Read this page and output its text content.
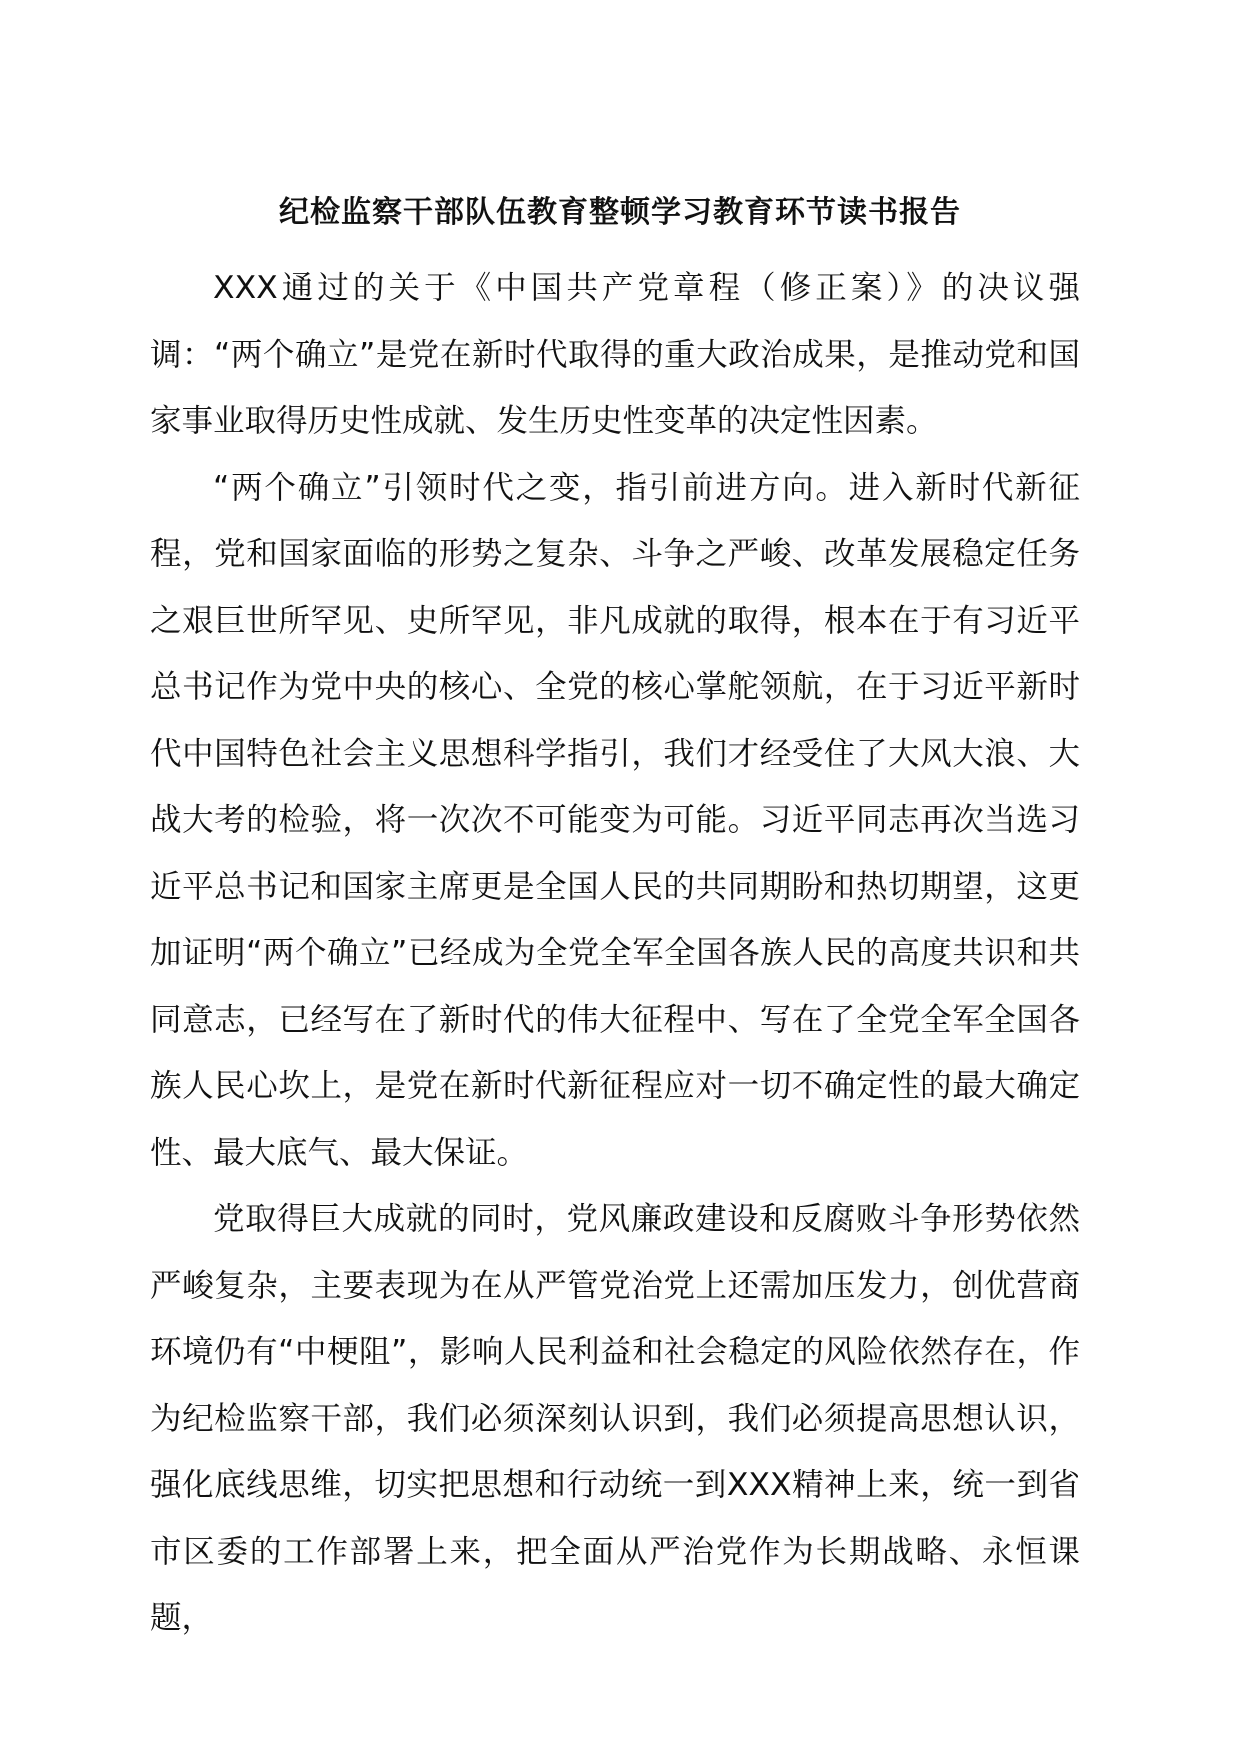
纪检监察干部队伍教育整顿学习教育环节读书报告

XXX通过的关于《中国共产党章程（修正案）》的决议强调：“两个确立”是党在新时代取得的重大政治成果，是推动党和国家事业取得历史性成就、发生历史性变革的决定性因素。

“两个确立”引领时代之变，指引前进方向。进入新时代新征程，党和国家面临的形势之复杂、斗争之严峻、改革发展稳定任务之艰巨世所罕见、史所罕见，非凡成就的取得，根本在于有习近平总书记作为党中央的核心、全党的核心掌舵领航，在于习近平新时代中国特色社会主义思想科学指引，我们才经受住了大风大浪、大战大考的检验，将一次次不可能变为可能。习近平同志再次当选习近平总书记和国家主席更是全国人民的共同期盼和热切期望，这更加证明“两个确立”已经成为全党全军全国各族人民的高度共识和共同意志，已经写在了新时代的伟大征程中、写在了全党全军全国各族人民心坎上，是党在新时代新征程应对一切不确定性的最大确定性、最大底气、最大保证。

党取得巨大成就的同时，党风廉政建设和反腐败斗争形势依然严峻复杂，主要表现为在从严管党治党上还需加压发力，创优营商环境仍有“中梗阻”，影响人民利益和社会稳定的风险依然存在，作为纪检监察干部，我们必须深刻认识到，我们必须提高思想认识，强化底线思维，切实把思想和行动统一到XXX精神上来，统一到省市区委的工作部署上来，把全面从严治党作为长期战略、永恒课题，
